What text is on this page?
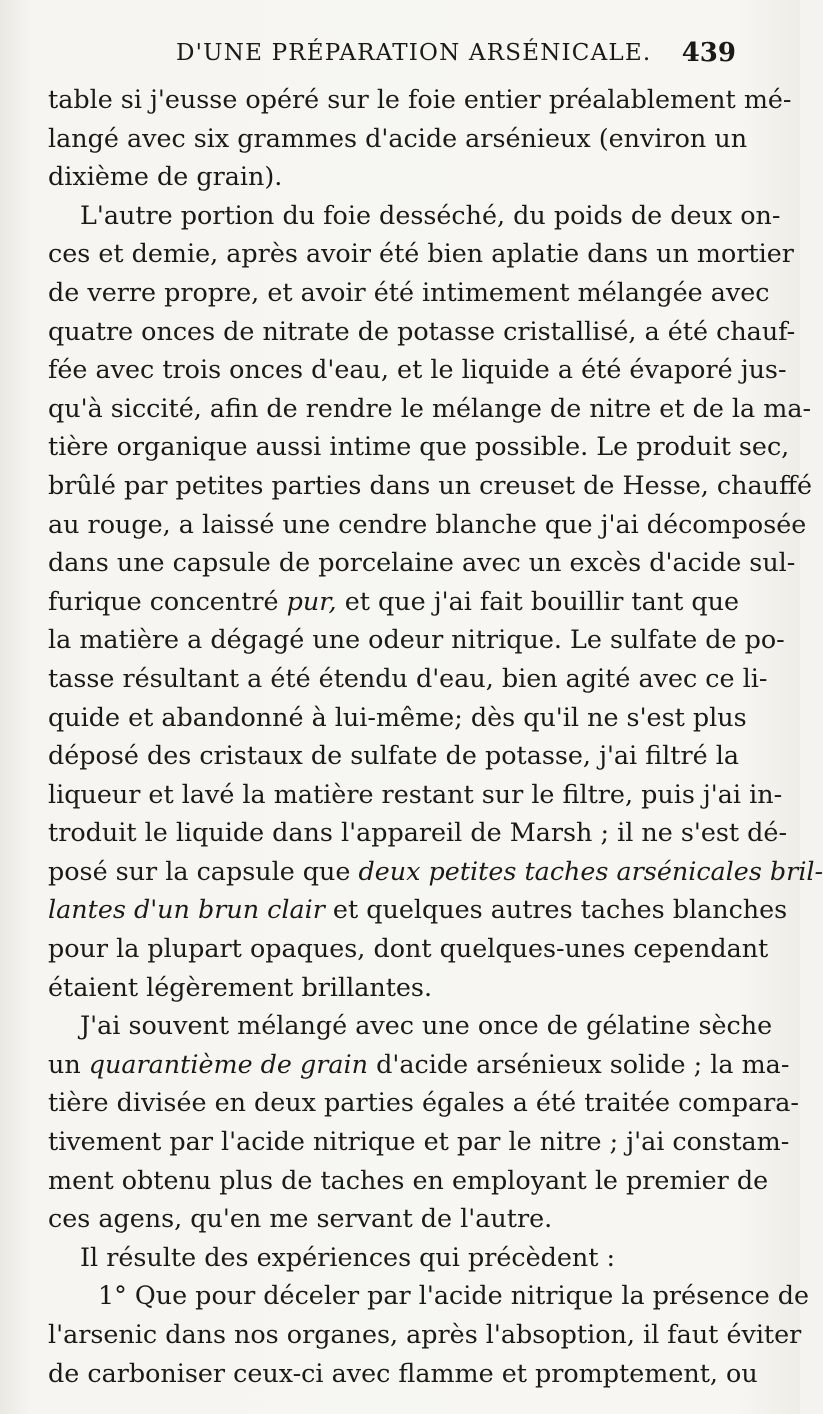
D'UNE PRÉPARATION ARSÉNICALE. 439
table si j'eusse opéré sur le foie entier préalablement mé-
langé avec six grammes d'acide arsénieux (environ un
dixième de grain).
L'autre portion du foie desséché, du poids de deux on-
ces et demie, après avoir été bien aplatie dans un mortier
de verre propre, et avoir été intimement mélangée avec
quatre onces de nitrate de potasse cristallisé, a été chauf-
fée avec trois onces d'eau, et le liquide a été évaporé jus-
qu'à siccité, afin de rendre le mélange de nitre et de la ma-
tière organique aussi intime que possible. Le produit sec,
brûlé par petites parties dans un creuset de Hesse, chauffé
au rouge, a laissé une cendre blanche que j'ai décomposée
dans une capsule de porcelaine avec un excès d'acide sul-
furique concentré pur, et que j'ai fait bouillir tant que
la matière a dégagé une odeur nitrique. Le sulfate de po-
tasse résultant a été étendu d'eau, bien agité avec ce li-
quide et abandonné à lui-même; dès qu'il ne s'est plus
déposé des cristaux de sulfate de potasse, j'ai filtré la
liqueur et lavé la matière restant sur le filtre, puis j'ai in-
troduit le liquide dans l'appareil de Marsh ; il ne s'est dé-
posé sur la capsule que deux petites taches arsénicales bril-
lantes d'un brun clair et quelques autres taches blanches
pour la plupart opaques, dont quelques-unes cependant
étaient légèrement brillantes.
J'ai souvent mélangé avec une once de gélatine sèche
un quarantième de grain d'acide arsénieux solide ; la ma-
tière divisée en deux parties égales a été traitée compara-
tivement par l'acide nitrique et par le nitre ; j'ai constam-
ment obtenu plus de taches en employant le premier de
ces agens, qu'en me servant de l'autre.
Il résulte des expériences qui précèdent :
1° Que pour déceler par l'acide nitrique la présence de
l'arsenic dans nos organes, après l'absoption, il faut éviter
de carboniser ceux-ci avec flamme et promptement, ou
